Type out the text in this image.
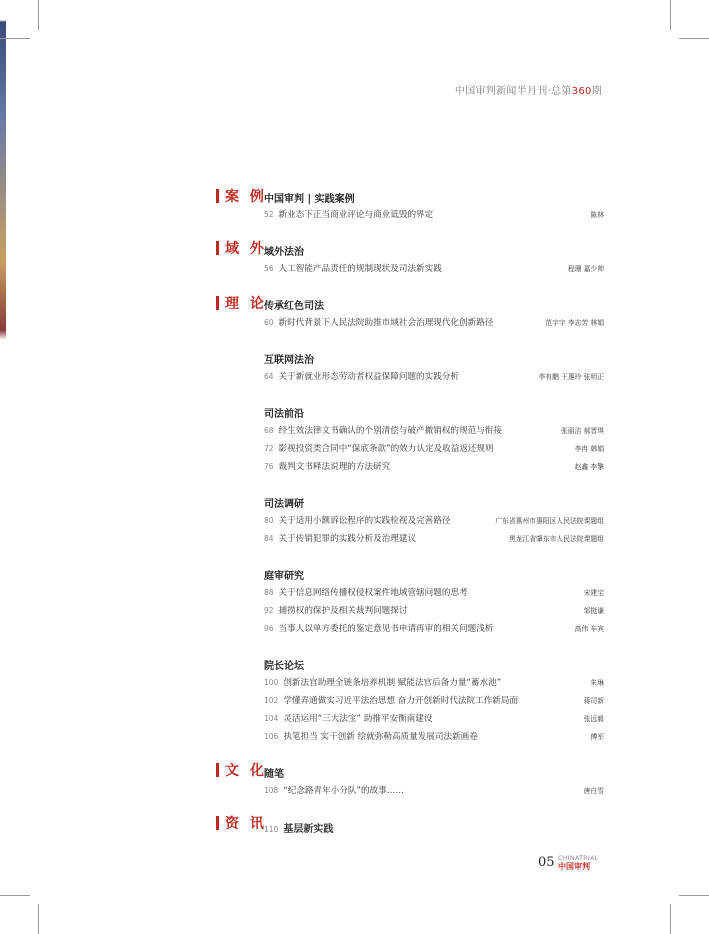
中国审判新闻半月刊·总第360期
案 例
域 外
理 论
文 化
资 讯
中国审判 | 实践案例
域外法治
传承红色司法
互联网法治
司法前沿
司法调研
庭审研究
院长论坛
随笔
52 新业态下正当商业评论与商业诋毁的界定	陈林
56 人工智能产品责任的规制现状及司法新实践	程珊 嘉少帅
60 新时代背景下人民法院助推市域社会治理现代化创新路径	范宇宇 李志芳 林娟
64 关于新就业形态劳动者权益保障问题的实践分析	李有鹏 王惠玲 张明正
68 经生效法律文书确认的个别清偿与破产撤销权的规范与衔接	张丽洁 郝晋琪
72 影视投资类合同中“保底条款”的效力认定及收益返还规则	李冉 韩娟
76 裁判文书释法说理的方法研究	赵鑫 李擎
80 关于适用小额诉讼程序的实践检视及完善路径	广东省惠州市惠阳区人民法院课题组
84 关于传销犯罪的实践分析及治理建议	黑龙江省肇东市人民法院课题组
88 关于信息网络传播权侵权案件地域管辖问题的思考	宋建宝
92 捕捞权的保护及相关裁判问题探讨	邹挺谦
96 当事人以单方委托的鉴定意见书申请再审的相关问题浅析	高伟 车宾
100 创新法官助理全链条培养机制 赋能法官后备力量“蓄水池”	朱琳
102 学懂弄通做实习近平法治思想 奋力开创新时代法院工作新局面	蒋司新
104 灵活运用“三大法宝” 助推平安衡南建设	张远毅
106 执笔担当 实干创新 绘就弥勒高质量发展司法新画卷	傅军
108 “纪念路青年小分队”的故事……	唐白雪
110 基层新实践
05 CHINATRIAL
中国审判
